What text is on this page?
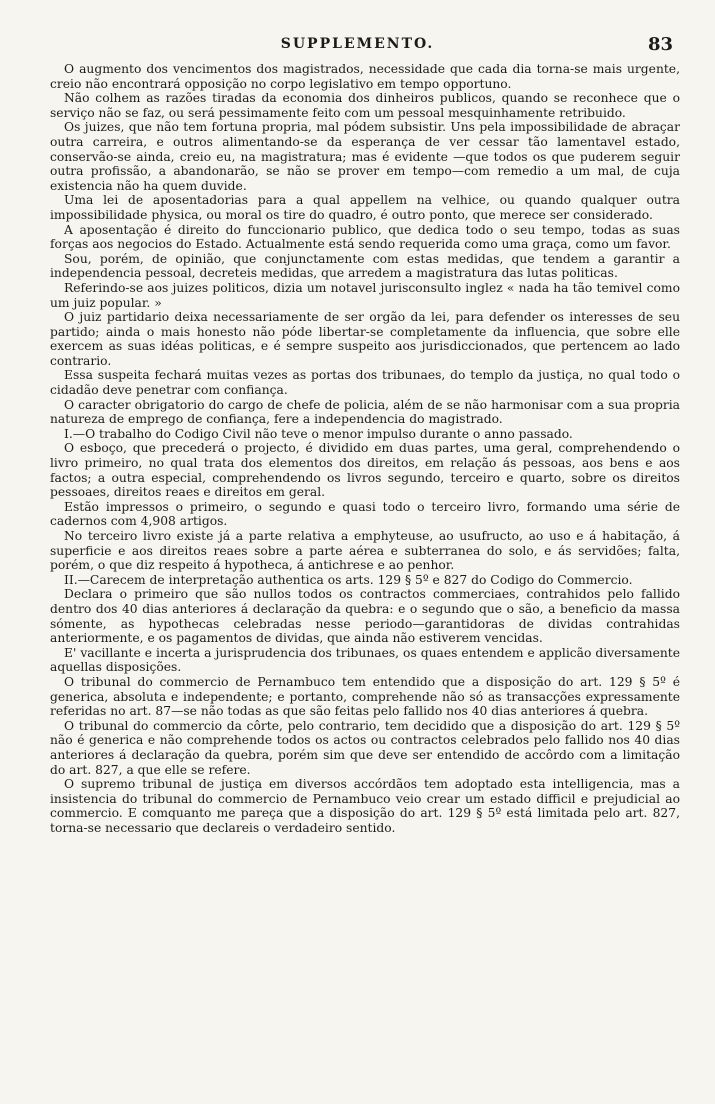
SUPPLEMENTO.	83

O augmento dos vencimentos dos magistrados, necessidade que cada dia torna-se mais urgente, creio não encontrará opposição no corpo legislativo em tempo opportuno.

Não colhem as razões tiradas da economia dos dinheiros publicos, quando se reconhece que o serviço não se faz, ou será pessimamente feito com um pessoal mesquinhamente retribuido.

Os juizes, que não tem fortuna propria, mal pódem subsistir. Uns pela impossibilidade de abraçar outra carreira, e outros alimentando-se da esperança de ver cessar tão lamentavel estado, conservão-se ainda, creio eu, na magistratura; mas é evidente —que todos os que puderem seguir outra profissão, a abandonarão, se não se prover em tempo—com remedio a um mal, de cuja existencia não ha quem duvide.

Uma lei de aposentadorias para a qual appellem na velhice, ou quando qualquer outra impossibilidade physica, ou moral os tire do quadro, é outro ponto, que merece ser considerado.

A aposentação é direito do funccionario publico, que dedica todo o seu tempo, todas as suas forças aos negocios do Estado. Actualmente está sendo requerida como uma graça, como um favor.

Sou, porém, de opinião, que conjunctamente com estas medidas, que tendem a garantir a independencia pessoal, decreteis medidas, que arredem a magistratura das lutas politicas.

Referindo-se aos juizes politicos, dizia um notavel jurisconsulto inglez « nada ha tão temivel como um juiz popular. »

O juiz partidario deixa necessariamente de ser orgão da lei, para defender os interesses de seu partido; ainda o mais honesto não póde libertar-se completamente da influencia, que sobre elle exercem as suas idéas politicas, e é sempre suspeito aos jurisdiccionados, que pertencem ao lado contrario.

Essa suspeita fechará muitas vezes as portas dos tribunaes, do templo da justiça, no qual todo o cidadão deve penetrar com confiança.

O caracter obrigatorio do cargo de chefe de policia, além de se não harmonisar com a sua propria natureza de emprego de confiança, fere a independencia do magistrado.

I.—O trabalho do Codigo Civil não teve o menor impulso durante o anno passado.

O esboço, que precederá o projecto, é dividido em duas partes, uma geral, comprehendendo o livro primeiro, no qual trata dos elementos dos direitos, em relação ás pessoas, aos bens e aos factos; a outra especial, comprehendendo os livros segundo, terceiro e quarto, sobre os direitos pessoaes, direitos reaes e direitos em geral.

Estão impressos o primeiro, o segundo e quasi todo o terceiro livro, formando uma série de cadernos com 4,908 artigos.

No terceiro livro existe já a parte relativa a emphyteuse, ao usufructo, ao uso e á habitação, á superficie e aos direitos reaes sobre a parte aérea e subterranea do solo, e ás servidões; falta, porém, o que diz respeito á hypotheca, á antichrese e ao penhor.

II.—Carecem de interpretação authentica os arts. 129 § 5º e 827 do Codigo do Commercio.

Declara o primeiro que são nullos todos os contractos commerciaes, contrahidos pelo fallido dentro dos 40 dias anteriores á declaração da quebra: e o segundo que o são, a beneficio da massa sómente, as hypothecas celebradas nesse periodo—garantidoras de dividas contrahidas anteriormente, e os pagamentos de dividas, que ainda não estiverem vencidas.

E' vacillante e incerta a jurisprudencia dos tribunaes, os quaes entendem e applicão diversamente aquellas disposições.

O tribunal do commercio de Pernambuco tem entendido que a disposição do art. 129 § 5º é generica, absoluta e independente; e portanto, comprehende não só as transacções expressamente referidas no art. 87—se não todas as que são feitas pelo fallido nos 40 dias anteriores á quebra.

O tribunal do commercio da côrte, pelo contrario, tem decidido que a disposição do art. 129 § 5º não é generica e não comprehende todos os actos ou contractos celebrados pelo fallido nos 40 dias anteriores á declaração da quebra, porém sim que deve ser entendido de accôrdo com a limitação do art. 827, a que elle se refere.

O supremo tribunal de justiça em diversos accórdãos tem adoptado esta intelligencia, mas a insistencia do tribunal do commercio de Pernambuco veio crear um estado difficil e prejudicial ao commercio. E comquanto me pareça que a disposição do art. 129 § 5º está limitada pelo art. 827, torna-se necessario que declareis o verdadeiro sentido.
